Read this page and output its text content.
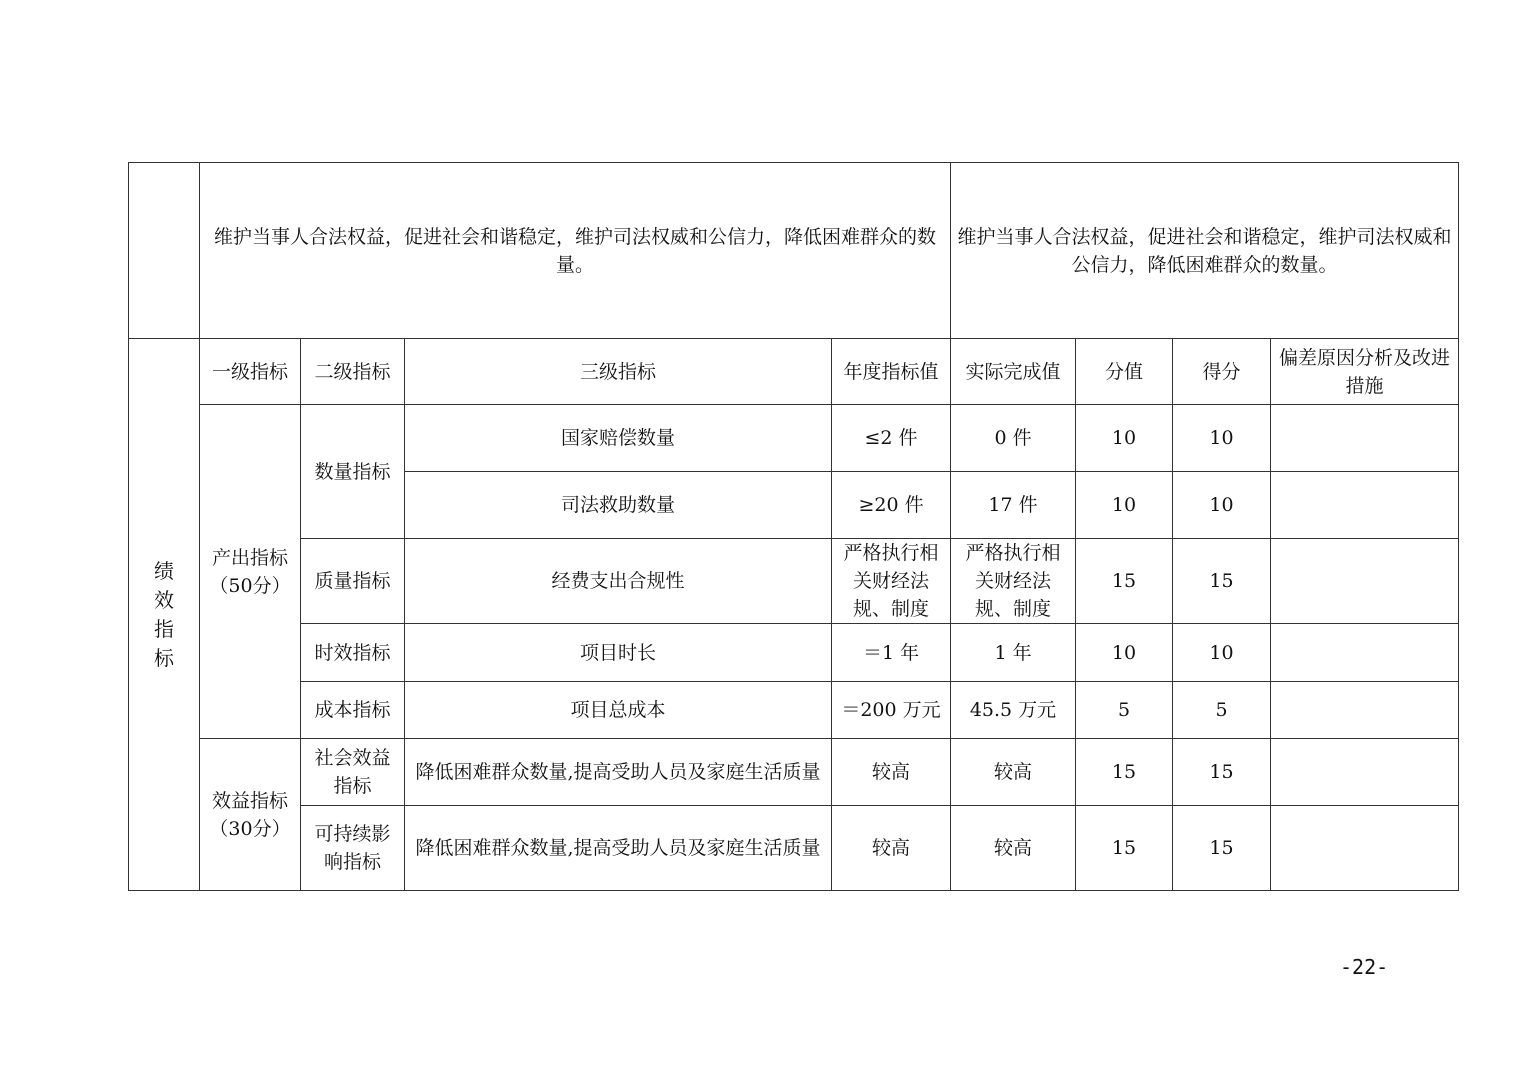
	维护当事人合法权益，促进社会和谐稳定，维护司法权威和公信力，降低困难群众的数量。				维护当事人合法权益，促进社会和谐稳定，维护司法权威和公信力，降低困难群众的数量。			
绩效指标	一级指标	二级指标	三级指标	年度指标值	实际完成值	分值	得分	偏差原因分析及改进措施
	产出指标（50分）	数量指标	国家赔偿数量	≤2 件	0 件	10	10	
			司法救助数量	≥20 件	17 件	10	10	
		质量指标	经费支出合规性	严格执行相关财经法规、制度	严格执行相关财经法规、制度	15	15	
		时效指标	项目时长	＝1 年	1 年	10	10	
		成本指标	项目总成本	＝200 万元	45.5 万元	5	5	
	效益指标（30分）	社会效益指标	降低困难群众数量,提高受助人员及家庭生活质量	较高	较高	15	15	
		可持续影响指标	降低困难群众数量,提高受助人员及家庭生活质量	较高	较高	15	15	
-22-
